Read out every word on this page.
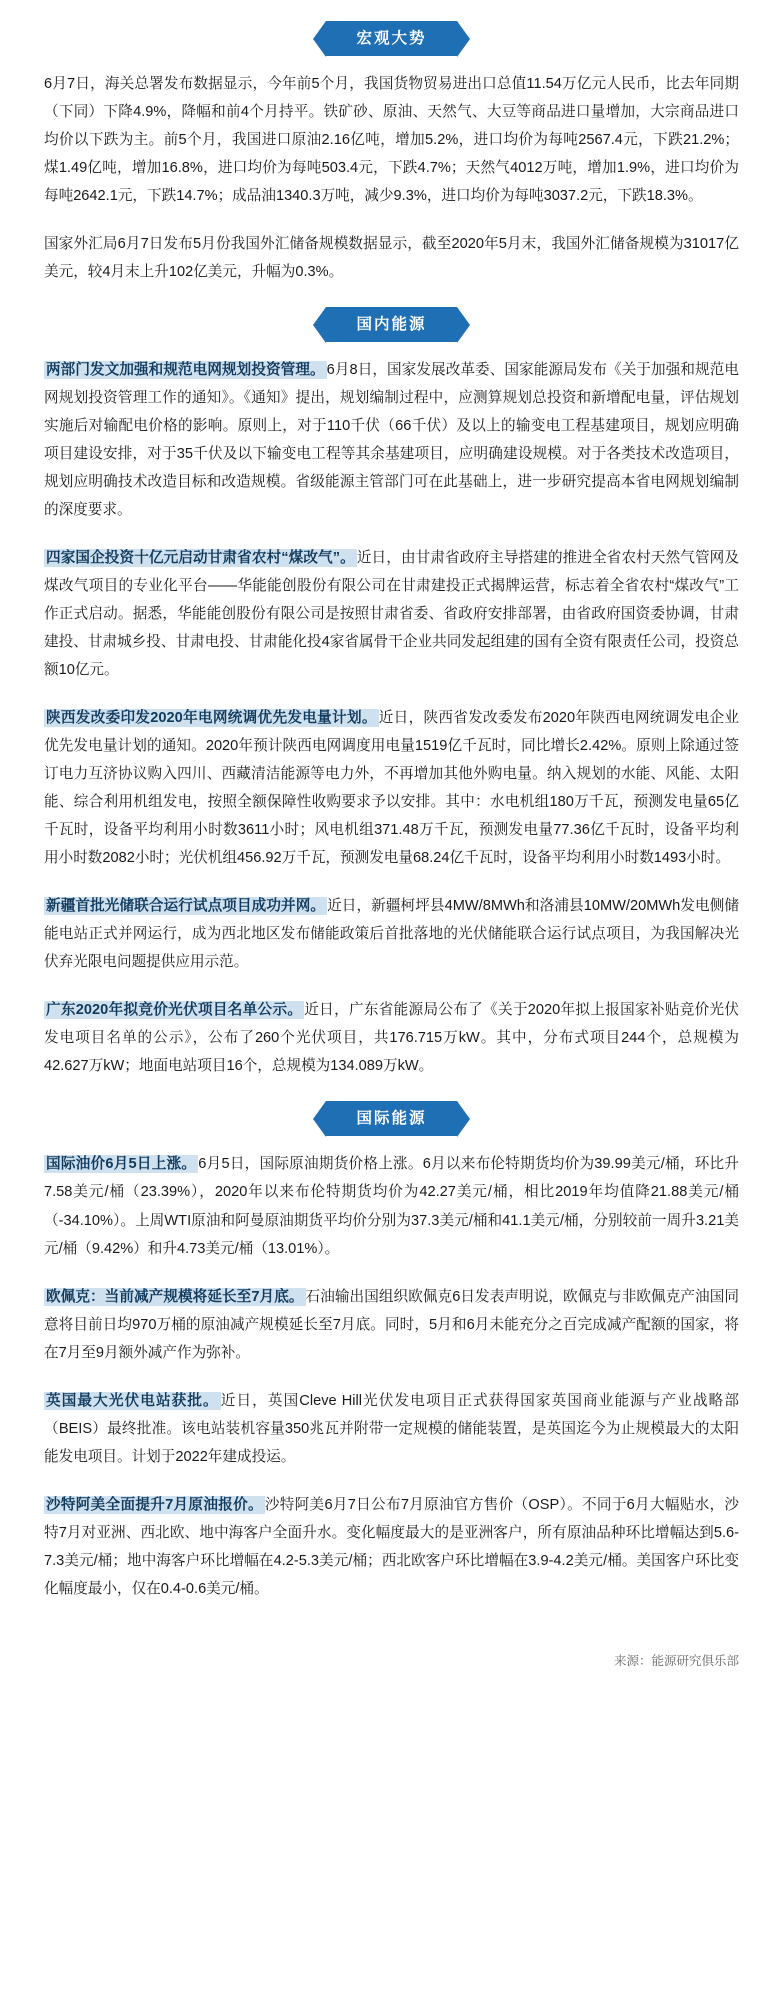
宏观大势

6月7日，海关总署发布数据显示，今年前5个月，我国货物贸易进出口总值11.54万亿元人民币，比去年同期（下同）下降4.9%，降幅和前4个月持平。铁矿砂、原油、天然气、大豆等商品进口量增加，大宗商品进口均价以下跌为主。前5个月，我国进口原油2.16亿吨，增加5.2%，进口均价为每吨2567.4元，下跌21.2%；煤1.49亿吨，增加16.8%，进口均价为每吨503.4元，下跌4.7%；天然气4012万吨，增加1.9%，进口均价为每吨2642.1元，下跌14.7%；成品油1340.3万吨，减少9.3%，进口均价为每吨3037.2元，下跌18.3%。

国家外汇局6月7日发布5月份我国外汇储备规模数据显示，截至2020年5月末，我国外汇储备规模为31017亿美元，较4月末上升102亿美元，升幅为0.3%。

国内能源

两部门发文加强和规范电网规划投资管理。 6月8日，国家发展改革委、国家能源局发布《关于加强和规范电网规划投资管理工作的通知》。《通知》提出，规划编制过程中，应测算规划总投资和新增配电量，评估规划实施后对输配电价格的影响。原则上，对于110千伏（66千伏）及以上的输变电工程基建项目，规划应明确项目建设安排，对于35千伏及以下输变电工程等其余基建项目，应明确建设规模。对于各类技术改造项目，规划应明确技术改造目标和改造规模。省级能源主管部门可在此基础上，进一步研究提高本省电网规划编制的深度要求。

四家国企投资十亿元启动甘肃省农村“煤改气”。 近日，由甘肃省政府主导搭建的推进全省农村天然气管网及煤改气项目的专业化平台——华能能创股份有限公司在甘肃建投正式揭牌运营，标志着全省农村“煤改气”工作正式启动。据悉，华能能创股份有限公司是按照甘肃省委、省政府安排部署，由省政府国资委协调，甘肃建投、甘肃城乡投、甘肃电投、甘肃能化投4家省属骨干企业共同发起组建的国有全资有限责任公司，投资总额10亿元。

陕西发改委印发2020年电网统调优先发电量计划。 近日，陕西省发改委发布2020年陕西电网统调发电企业优先发电量计划的通知。2020年预计陕西电网调度用电量1519亿千瓦时，同比增长2.42%。原则上除通过签订电力互济协议购入四川、西藏清洁能源等电力外，不再增加其他外购电量。纳入规划的水能、风能、太阳能、综合利用机组发电，按照全额保障性收购要求予以安排。其中：水电机组180万千瓦，预测发电量65亿千瓦时，设备平均利用小时数3611小时；风电机组371.48万千瓦，预测发电量77.36亿千瓦时，设备平均利用小时数2082小时；光伏机组456.92万千瓦，预测发电量68.24亿千瓦时，设备平均利用小时数1493小时。

新疆首批光储联合运行试点项目成功并网。 近日，新疆柯坪县4MW/8MWh和洛浦县10MW/20MWh发电侧储能电站正式并网运行，成为西北地区发布储能政策后首批落地的光伏储能联合运行试点项目，为我国解决光伏弃光限电问题提供应用示范。

广东2020年拟竞价光伏项目名单公示。 近日，广东省能源局公布了《关于2020年拟上报国家补贴竞价光伏发电项目名单的公示》，公布了260个光伏项目，共176.715万kW。其中，分布式项目244个，总规模为42.627万kW；地面电站项目16个，总规模为134.089万kW。

国际能源

国际油价6月5日上涨。 6月5日，国际原油期货价格上涨。6月以来布伦特期货均价为39.99美元/桶，环比升7.58美元/桶（23.39%），2020年以来布伦特期货均价为42.27美元/桶，相比2019年均值降21.88美元/桶（-34.10%）。上周WTI原油和阿曼原油期货平均价分别为37.3美元/桶和41.1美元/桶，分别较前一周升3.21美元/桶（9.42%）和升4.73美元/桶（13.01%）。

欧佩克：当前减产规模将延长至7月底。 石油输出国组织欧佩克6日发表声明说，欧佩克与非欧佩克产油国同意将目前日均970万桶的原油减产规模延长至7月底。同时，5月和6月未能充分之百完成减产配额的国家，将在7月至9月额外减产作为弥补。

英国最大光伏电站获批。 近日，英国Cleve Hill光伏发电项目正式获得国家英国商业能源与产业战略部（BEIS）最终批准。该电站装机容量350兆瓦并附带一定规模的储能装置，是英国迄今为止规模最大的太阳能发电项目。计划于2022年建成投运。

沙特阿美全面提升7月原油报价。 沙特阿美6月7日公布7月原油官方售价（OSP）。不同于6月大幅贴水，沙特7月对亚洲、西北欧、地中海客户全面升水。变化幅度最大的是亚洲客户，所有原油品种环比增幅达到5.6-7.3美元/桶；地中海客户环比增幅在4.2-5.3美元/桶；西北欧客户环比增幅在3.9-4.2美元/桶。美国客户环比变化幅度最小，仅在0.4-0.6美元/桶。

来源：能源研究俱乐部
